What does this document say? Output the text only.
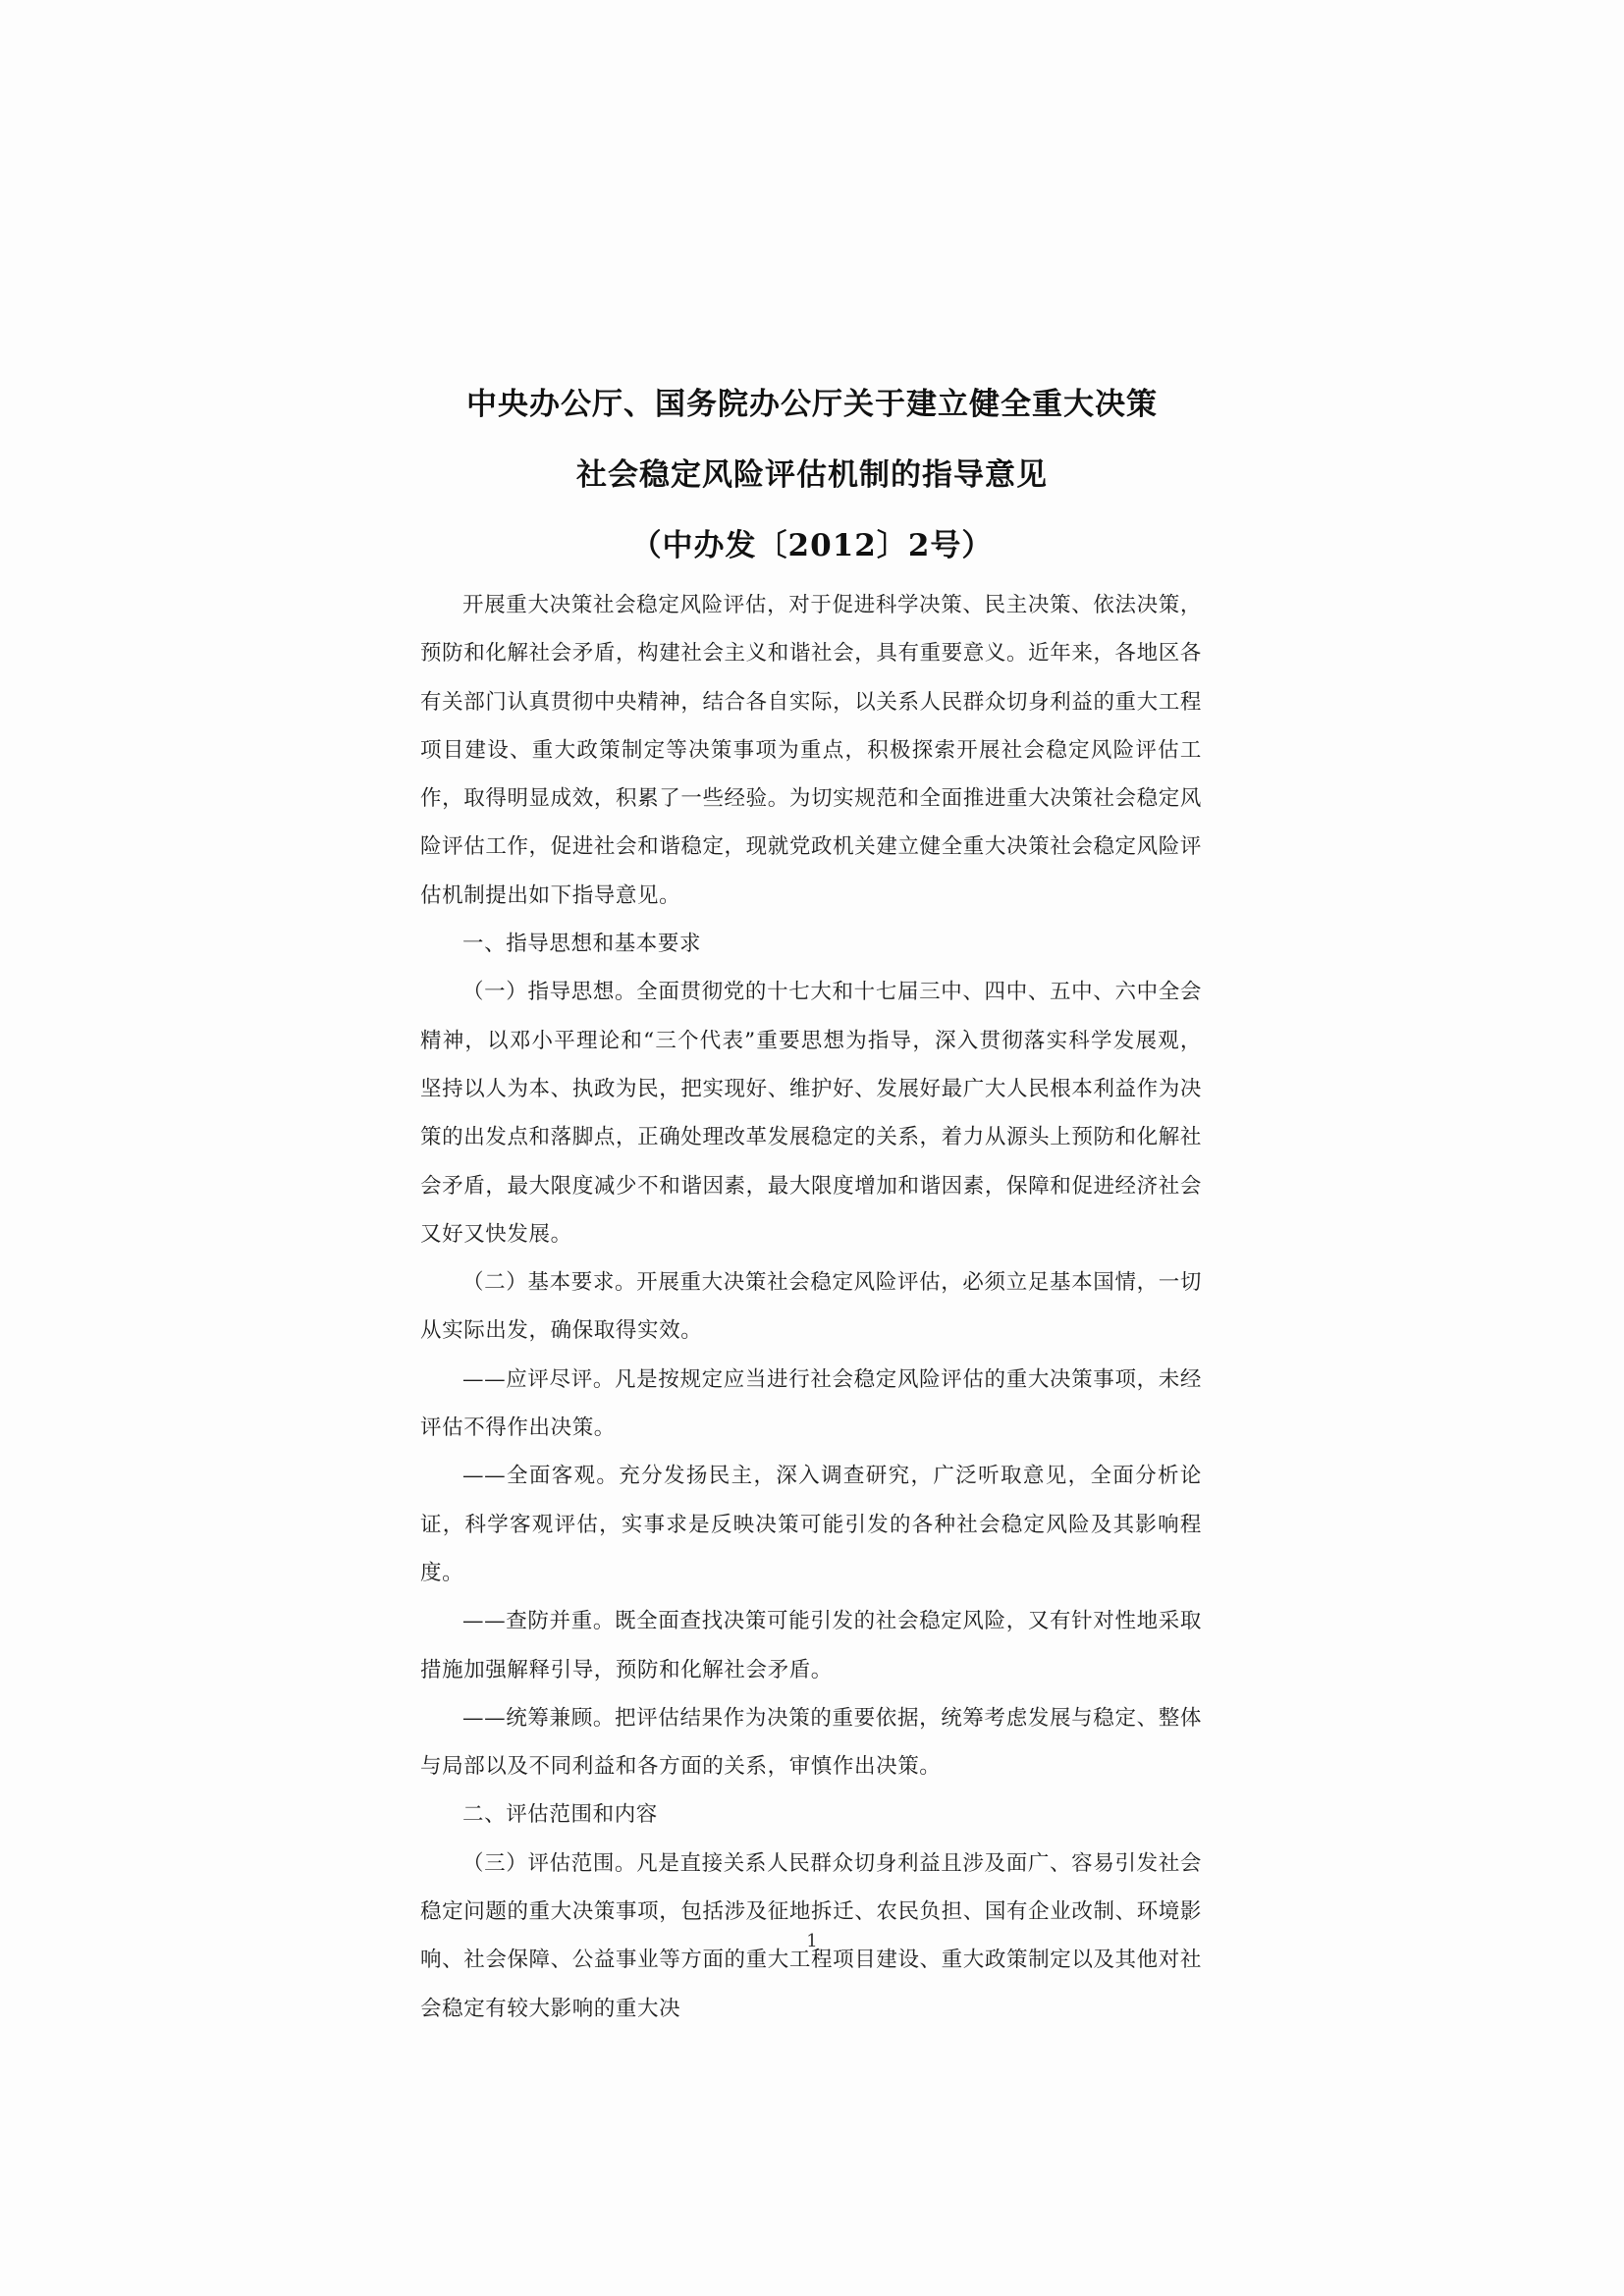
中央办公厅、国务院办公厅关于建立健全重大决策
社会稳定风险评估机制的指导意见
（中办发〔2012〕2号）

开展重大决策社会稳定风险评估，对于促进科学决策、民主决策、依法决策，预防和化解社会矛盾，构建社会主义和谐社会，具有重要意义。近年来，各地区各有关部门认真贯彻中央精神，结合各自实际，以关系人民群众切身利益的重大工程项目建设、重大政策制定等决策事项为重点，积极探索开展社会稳定风险评估工作，取得明显成效，积累了一些经验。为切实规范和全面推进重大决策社会稳定风险评估工作，促进社会和谐稳定，现就党政机关建立健全重大决策社会稳定风险评估机制提出如下指导意见。

一、指导思想和基本要求

（一）指导思想。全面贯彻党的十七大和十七届三中、四中、五中、六中全会精神，以邓小平理论和“三个代表”重要思想为指导，深入贯彻落实科学发展观，坚持以人为本、执政为民，把实现好、维护好、发展好最广大人民根本利益作为决策的出发点和落脚点，正确处理改革发展稳定的关系，着力从源头上预防和化解社会矛盾，最大限度减少不和谐因素，最大限度增加和谐因素，保障和促进经济社会又好又快发展。

（二）基本要求。开展重大决策社会稳定风险评估，必须立足基本国情，一切从实际出发，确保取得实效。

——应评尽评。凡是按规定应当进行社会稳定风险评估的重大决策事项，未经评估不得作出决策。

——全面客观。充分发扬民主，深入调查研究，广泛听取意见，全面分析论证，科学客观评估，实事求是反映决策可能引发的各种社会稳定风险及其影响程度。

——查防并重。既全面查找决策可能引发的社会稳定风险，又有针对性地采取措施加强解释引导，预防和化解社会矛盾。

——统筹兼顾。把评估结果作为决策的重要依据，统筹考虑发展与稳定、整体与局部以及不同利益和各方面的关系，审慎作出决策。

二、评估范围和内容

（三）评估范围。凡是直接关系人民群众切身利益且涉及面广、容易引发社会稳定问题的重大决策事项，包括涉及征地拆迁、农民负担、国有企业改制、环境影响、社会保障、公益事业等方面的重大工程项目建设、重大政策制定以及其他对社会稳定有较大影响的重大决

1
